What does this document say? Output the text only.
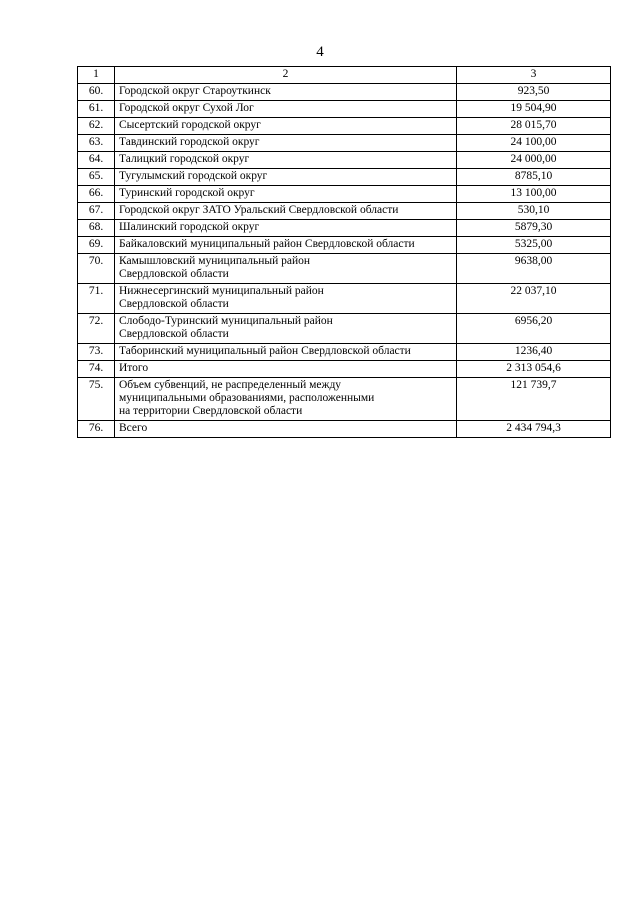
4
1	2	3
60.	Городской округ Староуткинск	923,50
61.	Городской округ Сухой Лог	19 504,90
62.	Сысертский городской округ	28 015,70
63.	Тавдинский городской округ	24 100,00
64.	Талицкий городской округ	24 000,00
65.	Тугулымский городской округ	8785,10
66.	Туринский городской округ	13 100,00
67.	Городской округ ЗАТО Уральский Свердловской области	530,10
68.	Шалинский городской округ	5879,30
69.	Байкаловский муниципальный район Свердловской области	5325,00
70.	Камышловский муниципальный район
Свердловской области	9638,00
71.	Нижнесергинский муниципальный район
Свердловской области	22 037,10
72.	Слободо-Туринский муниципальный район
Свердловской области	6956,20
73.	Таборинский муниципальный район Свердловской области	1236,40
74.	Итого	2 313 054,6
75.	Объем субвенций, не распределенный между
муниципальными образованиями, расположенными
на территории Свердловской области	121 739,7
76.	Всего	2 434 794,3
